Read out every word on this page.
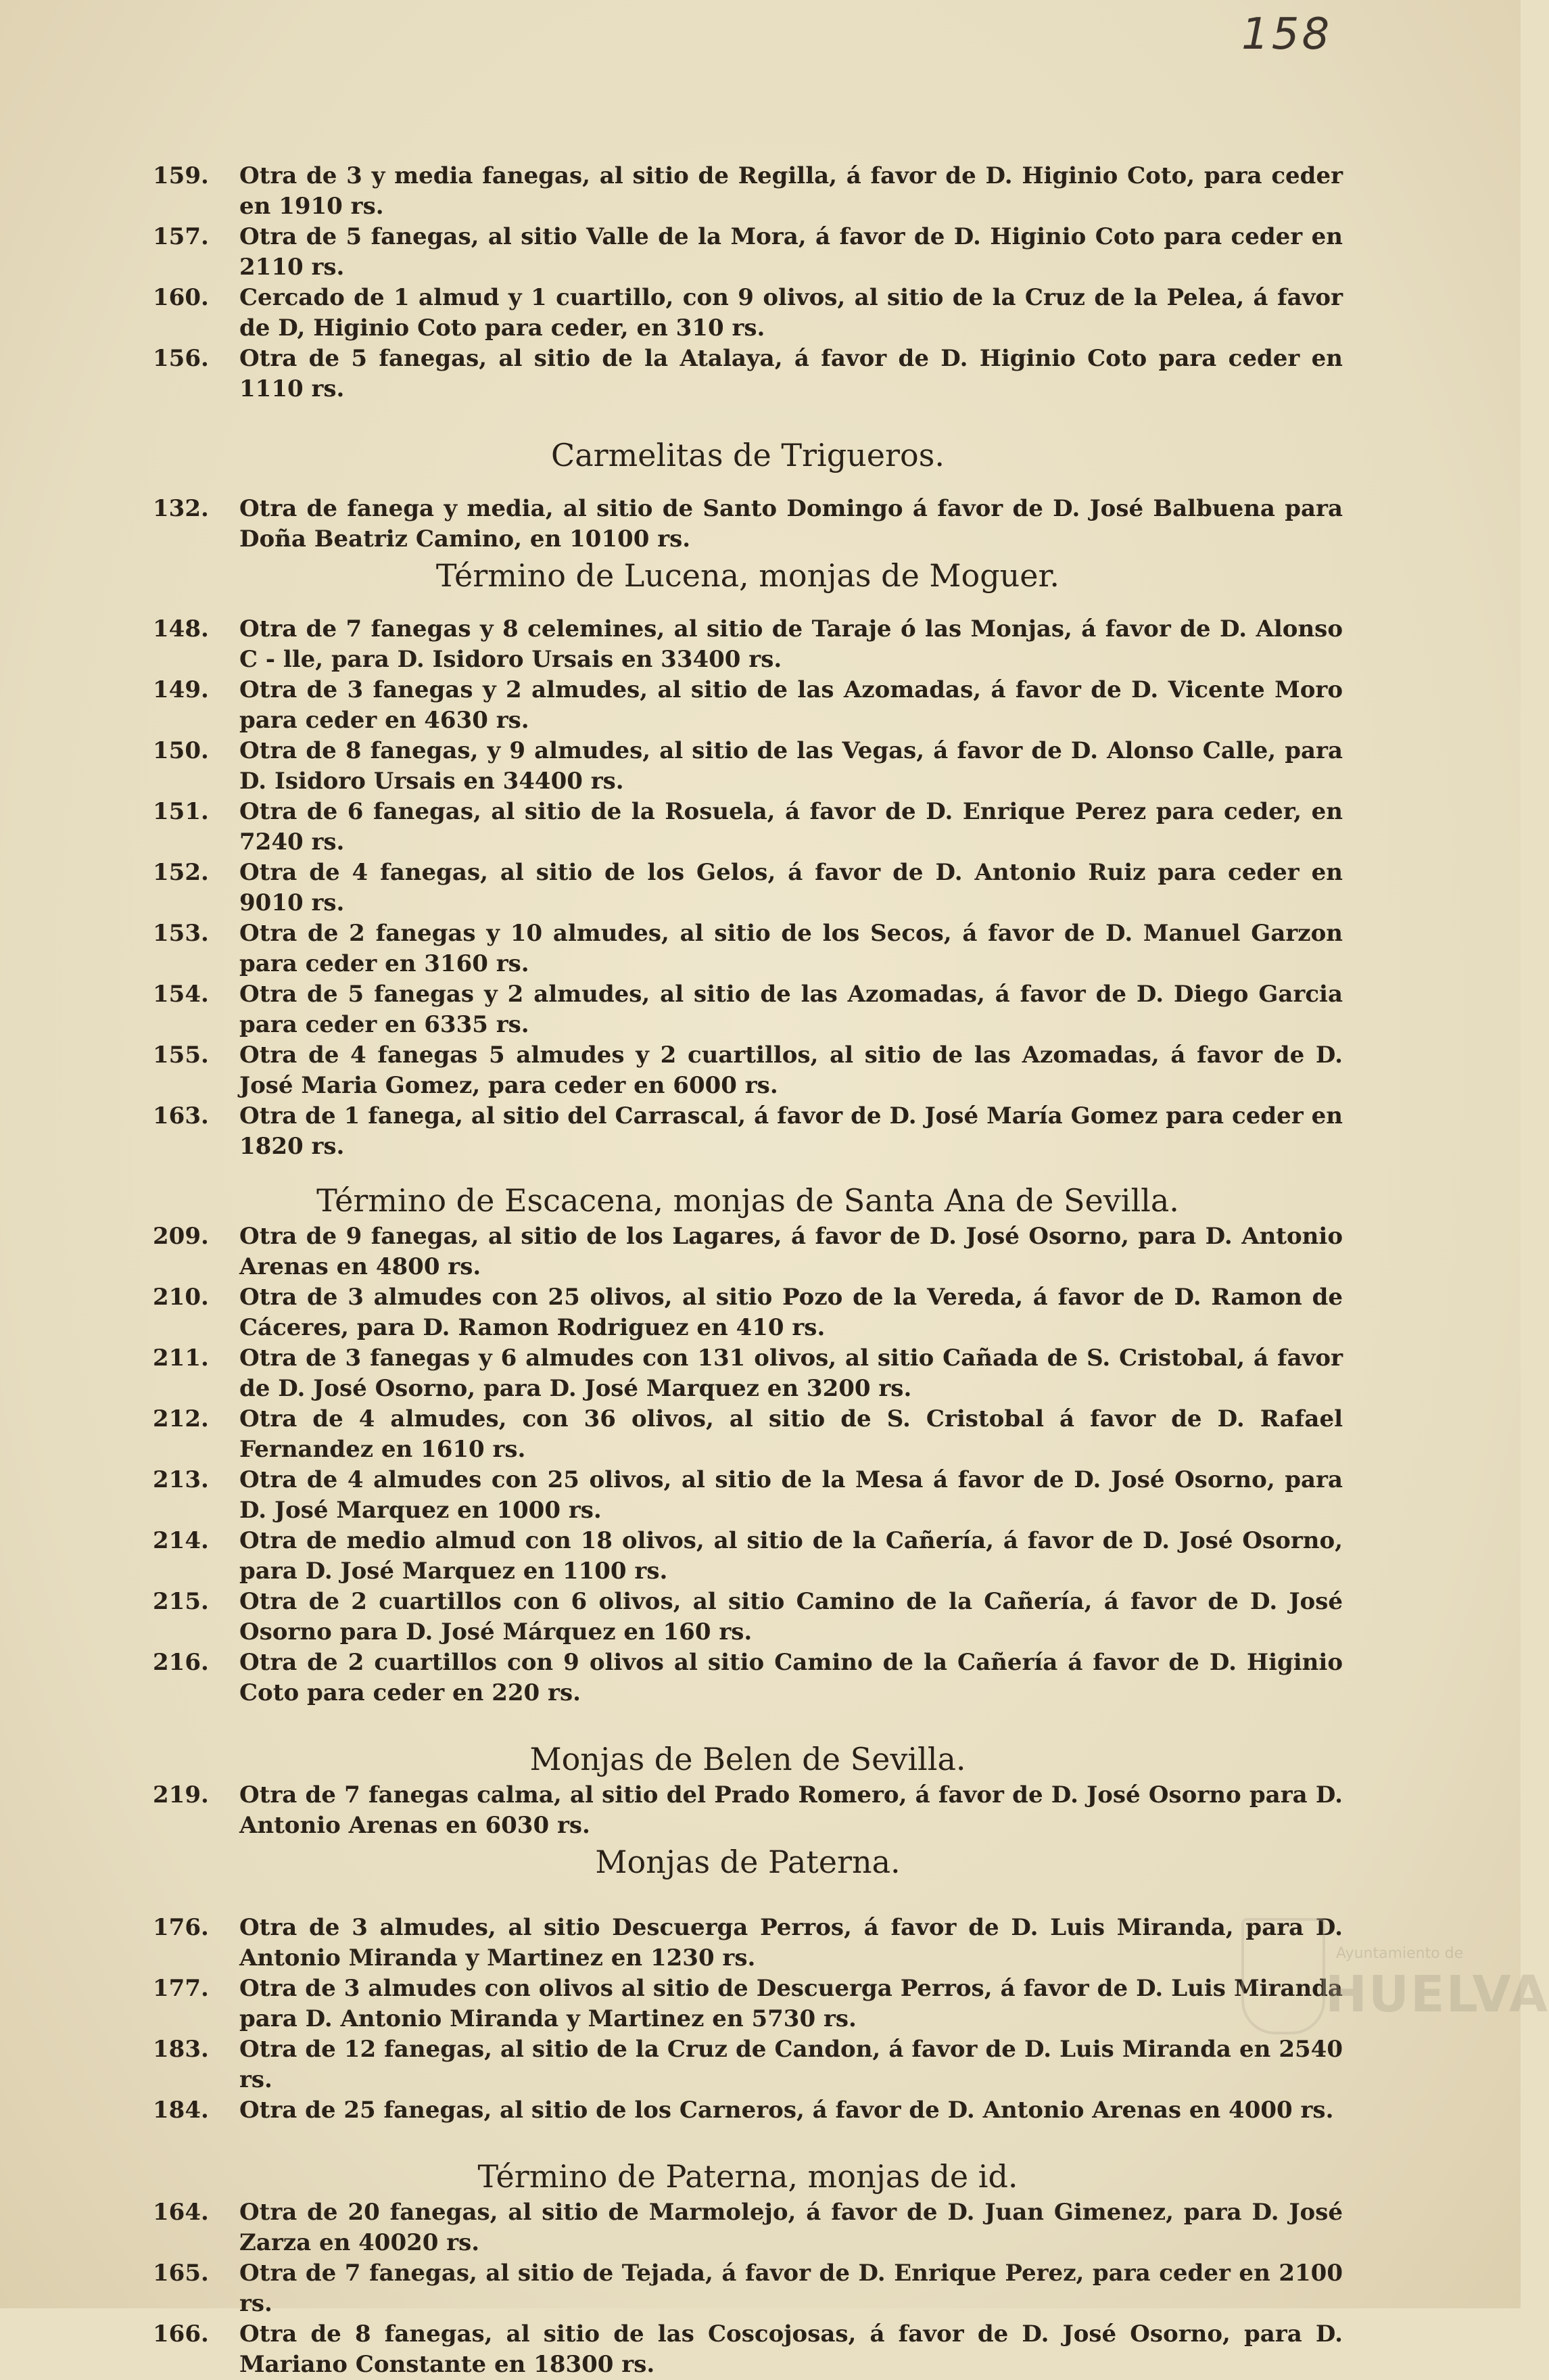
158

159.	Otra de 3 y media fanegas, al sitio de Regilla, á favor de D. Higinio Coto, para ceder en 1910 rs.

157.	Otra de 5 fanegas, al sitio Valle de la Mora, á favor de D. Higinio Coto para ceder en 2110 rs.

160.	Cercado de 1 almud y 1 cuartillo, con 9 olivos, al sitio de la Cruz de la Pelea, á favor de D, Higinio Coto para ceder, en 310 rs.

156.	Otra de 5 fanegas, al sitio de la Atalaya, á favor de D. Higinio Coto para ceder en 1110 rs.

Carmelitas de Trigueros.

132.	Otra de fanega y media, al sitio de Santo Domingo á favor de D. José Balbuena para Doña Beatriz Camino, en 10100 rs.

Término de Lucena, monjas de Moguer.

148.	Otra de 7 fanegas y 8 celemines, al sitio de Taraje ó las Monjas, á favor de D. Alonso C - lle, para D. Isidoro Ursais en 33400 rs.

149.	Otra de 3 fanegas y 2 almudes, al sitio de las Azomadas, á favor de D. Vicente Moro para ceder en 4630 rs.

150.	Otra de 8 fanegas, y 9 almudes, al sitio de las Vegas, á favor de D. Alonso Calle, para D. Isidoro Ursais en 34400 rs.

151.	Otra de 6 fanegas, al sitio de la Rosuela, á favor de D. Enrique Perez para ceder, en 7240 rs.

152.	Otra de 4 fanegas, al sitio de los Gelos, á favor de D. Antonio Ruiz para ceder en 9010 rs.

153.	Otra de 2 fanegas y 10 almudes, al sitio de los Secos, á favor de D. Manuel Garzon para ceder en 3160 rs.

154.	Otra de 5 fanegas y 2 almudes, al sitio de las Azomadas, á favor de D. Diego Garcia para ceder en 6335 rs.

155.	Otra de 4 fanegas 5 almudes y 2 cuartillos, al sitio de las Azomadas, á favor de D. José Maria Gomez, para ceder en 6000 rs.

163.	Otra de 1 fanega, al sitio del Carrascal, á favor de D. José María Gomez para ceder en 1820 rs.

Término de Escacena, monjas de Santa Ana de Sevilla.

209.	Otra de 9 fanegas, al sitio de los Lagares, á favor de D. José Osorno, para D. Antonio Arenas en 4800 rs.

210.	Otra de 3 almudes con 25 olivos, al sitio Pozo de la Vereda, á favor de D. Ramon de Cáceres, para D. Ramon Rodriguez en 410 rs.

211.	Otra de 3 fanegas y 6 almudes con 131 olivos, al sitio Cañada de S. Cristobal, á favor de D. José Osorno, para D. José Marquez en 3200 rs.

212.	Otra de 4 almudes, con 36 olivos, al sitio de S. Cristobal á favor de D. Rafael Fernandez en 1610 rs.

213.	Otra de 4 almudes con 25 olivos, al sitio de la Mesa á favor de D. José Osorno, para D. José Marquez en 1000 rs.

214.	Otra de medio almud con 18 olivos, al sitio de la Cañería, á favor de D. José Osorno, para D. José Marquez en 1100 rs.

215.	Otra de 2 cuartillos con 6 olivos, al sitio Camino de la Cañería, á favor de D. José Osorno para D. José Márquez en 160 rs.

216.	Otra de 2 cuartillos con 9 olivos al sitio Camino de la Cañería á favor de D. Higinio Coto para ceder en 220 rs.

Monjas de Belen de Sevilla.

219.	Otra de 7 fanegas calma, al sitio del Prado Romero, á favor de D. José Osorno para D. Antonio Arenas en 6030 rs.

Monjas de Paterna.

176.	Otra de 3 almudes, al sitio Descuerga Perros, á favor de D. Luis Miranda, para D. Antonio Miranda y Martinez en 1230 rs.

177.	Otra de 3 almudes con olivos al sitio de Descuerga Perros, á favor de D. Luis Miranda para D. Antonio Miranda y Martinez en 5730 rs.

183.	Otra de 12 fanegas, al sitio de la Cruz de Candon, á favor de D. Luis Miranda en 2540 rs.

184.	Otra de 25 fanegas, al sitio de los Carneros, á favor de D. Antonio Arenas en 4000 rs.

Término de Paterna, monjas de id.

164.	Otra de 20 fanegas, al sitio de Marmolejo, á favor de D. Juan Gimenez, para D. José Zarza en 40020 rs.

165.	Otra de 7 fanegas, al sitio de Tejada, á favor de D. Enrique Perez, para ceder en 2100 rs.

166.	Otra de 8 fanegas, al sitio de las Coscojosas, á favor de D. José Osorno, para D. Mariano Constante en 18300 rs.

Ayuntamiento de
HUELVA
